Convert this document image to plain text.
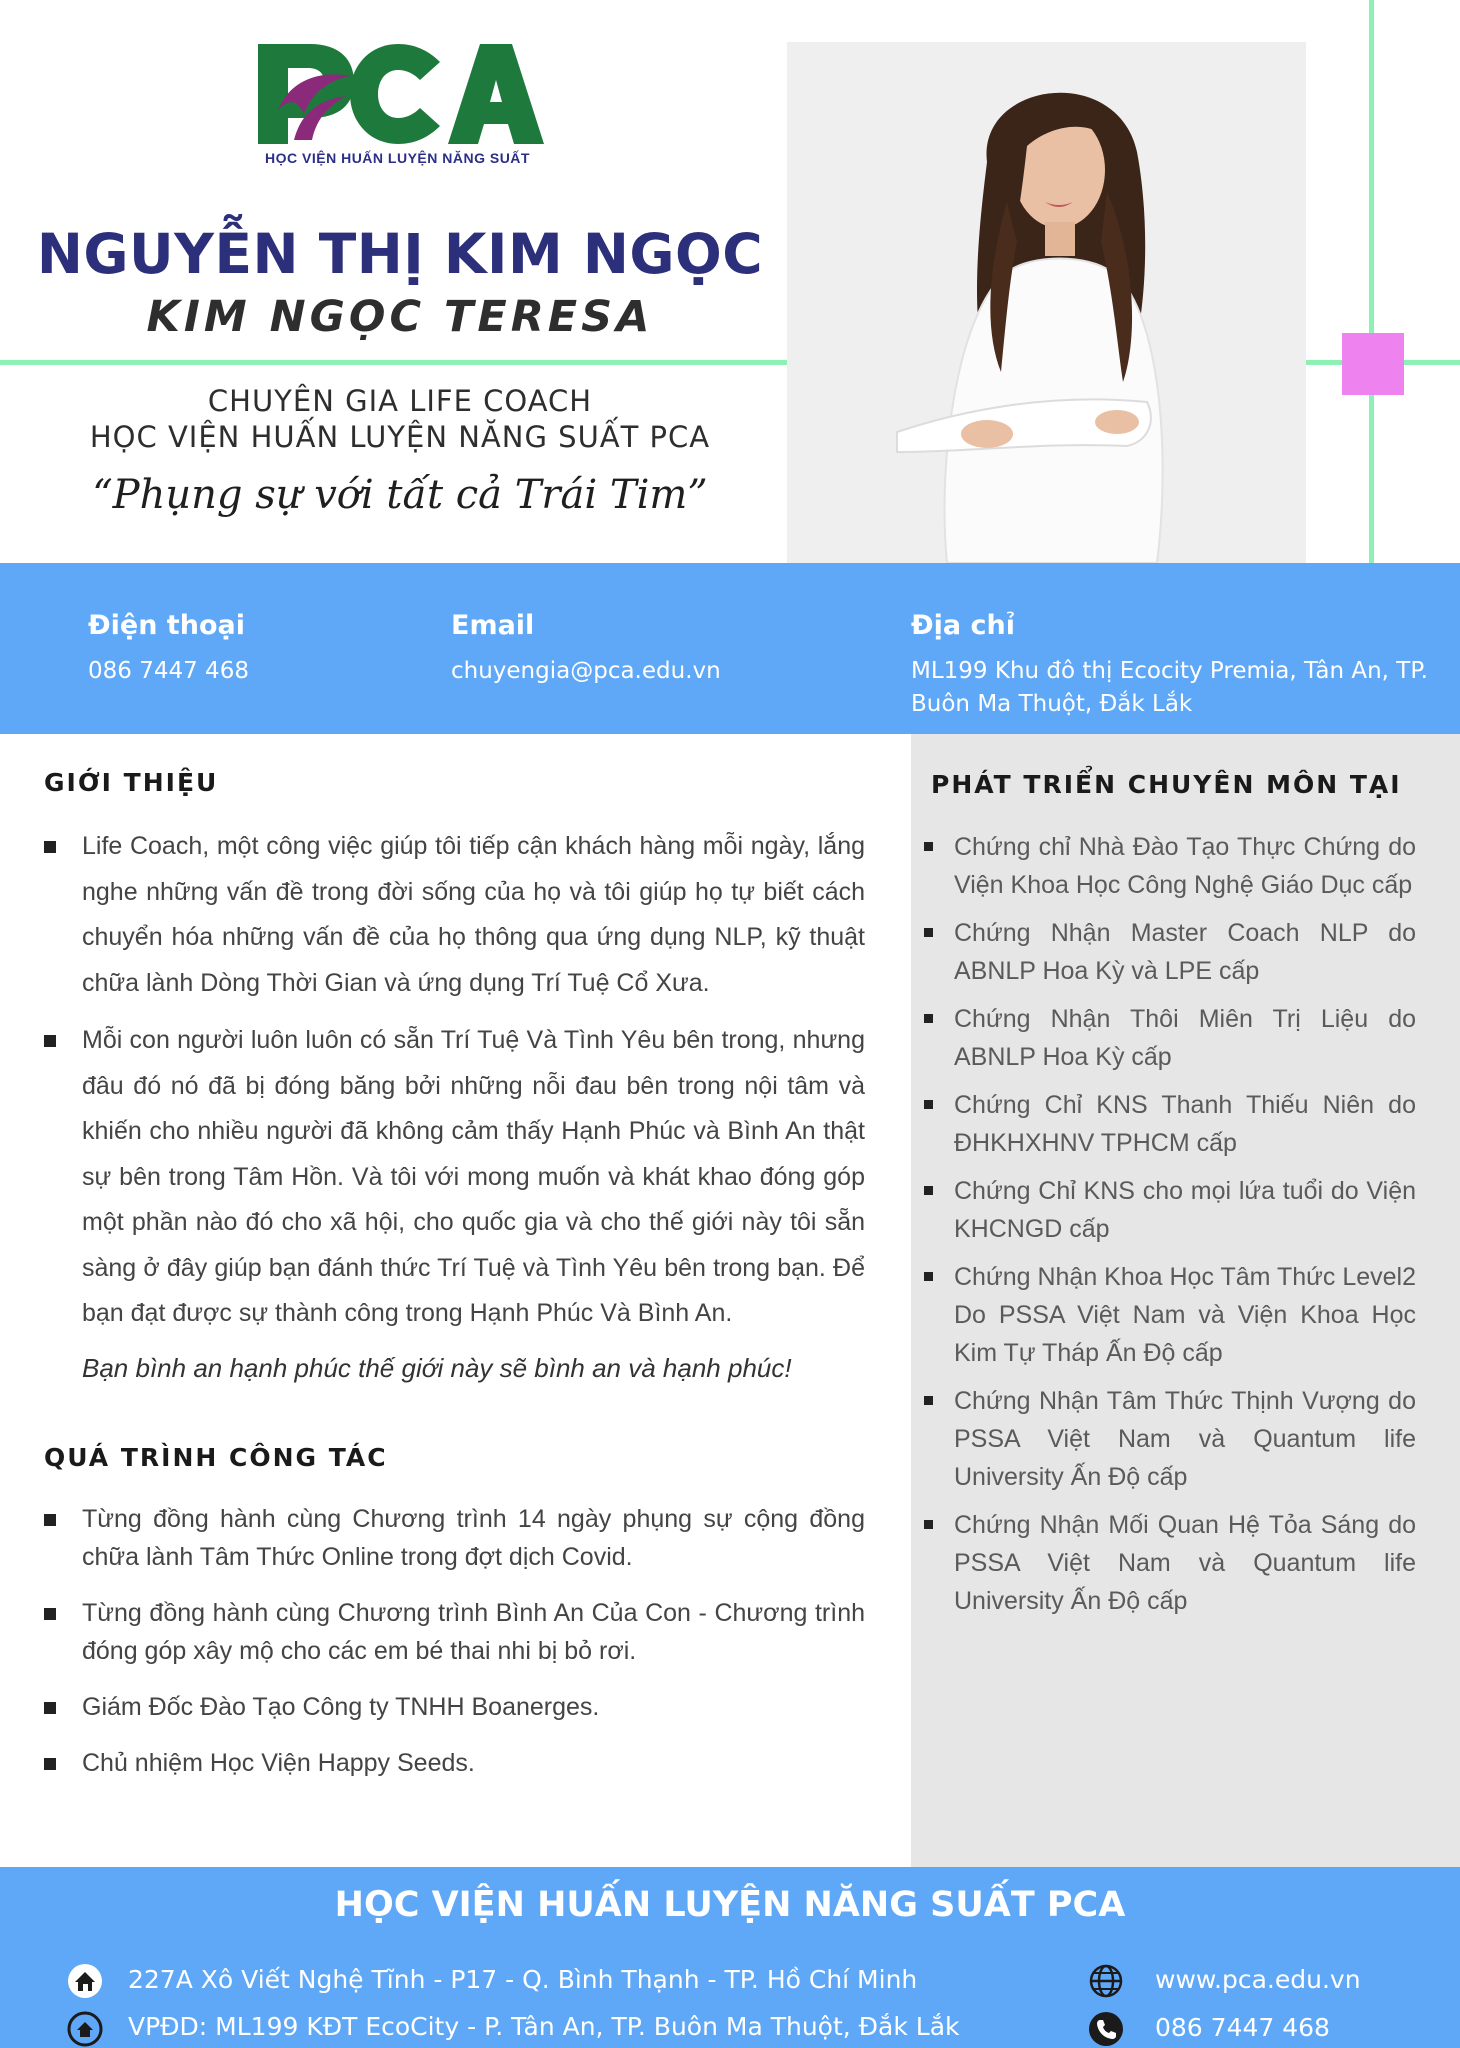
HỌC VIỆN HUẤN LUYỆN NĂNG SUẤT
NGUYỄN THỊ KIM NGỌC
KIM NGỌC TERESA
CHUYÊN GIA LIFE COACH
HỌC VIỆN HUẤN LUYỆN NĂNG SUẤT PCA
“Phụng sự với tất cả Trái Tim”
Điện thoại
086 7447 468
Email
chuyengia@pca.edu.vn
Địa chỉ
ML199 Khu đô thị Ecocity Premia, Tân An, TP. Buôn Ma Thuột, Đắk Lắk
GIỚI THIỆU
Life Coach, một công việc giúp tôi tiếp cận khách hàng mỗi ngày, lắng nghe những vấn đề trong đời sống của họ và tôi giúp họ tự biết cách chuyển hóa những vấn đề của họ thông qua ứng dụng NLP, kỹ thuật chữa lành Dòng Thời Gian và ứng dụng Trí Tuệ Cổ Xưa.
Mỗi con người luôn luôn có sẵn Trí Tuệ Và Tình Yêu bên trong, nhưng đâu đó nó đã bị đóng băng bởi những nỗi đau bên trong nội tâm và khiến cho nhiều người đã không cảm thấy Hạnh Phúc và Bình An thật sự bên trong Tâm Hồn. Và tôi với mong muốn và khát khao đóng góp một phần nào đó cho xã hội, cho quốc gia và cho thế giới này tôi sẵn sàng ở đây giúp bạn đánh thức Trí Tuệ và Tình Yêu bên trong bạn. Để bạn đạt được sự thành công trong Hạnh Phúc Và Bình An.
Bạn bình an hạnh phúc thế giới này sẽ bình an và hạnh phúc!
QUÁ TRÌNH CÔNG TÁC
Từng đồng hành cùng Chương trình 14 ngày phụng sự cộng đồng chữa lành Tâm Thức Online trong đợt dịch Covid.
Từng đồng hành cùng Chương trình Bình An Của Con - Chương trình đóng góp xây mộ cho các em bé thai nhi bị bỏ rơi.
Giám Đốc Đào Tạo Công ty TNHH Boanerges.
Chủ nhiệm Học Viện Happy Seeds.
PHÁT TRIỂN CHUYÊN MÔN TẠI
Chứng chỉ Nhà Đào Tạo Thực Chứng do Viện Khoa Học Công Nghệ Giáo Dục cấp
Chứng Nhận Master Coach NLP do ABNLP Hoa Kỳ và LPE cấp
Chứng Nhận Thôi Miên Trị Liệu do ABNLP Hoa Kỳ cấp
Chứng Chỉ KNS Thanh Thiếu Niên do ĐHKHXHNV TPHCM cấp
Chứng Chỉ KNS cho mọi lứa tuổi do Viện KHCNGD cấp
Chứng Nhận Khoa Học Tâm Thức Level2 Do PSSA Việt Nam và Viện Khoa Học Kim Tự Tháp Ấn Độ cấp
Chứng Nhận Tâm Thức Thịnh Vượng do PSSA Việt Nam và Quantum life University Ấn Độ cấp
Chứng Nhận Mối Quan Hệ Tỏa Sáng do PSSA Việt Nam và Quantum life University Ấn Độ cấp
HỌC VIỆN HUẤN LUYỆN NĂNG SUẤT PCA
227A Xô Viết Nghệ Tĩnh - P17 - Q. Bình Thạnh - TP. Hồ Chí Minh
VPĐD: ML199 KĐT EcoCity - P. Tân An, TP. Buôn Ma Thuột, Đắk Lắk
www.pca.edu.vn
086 7447 468
